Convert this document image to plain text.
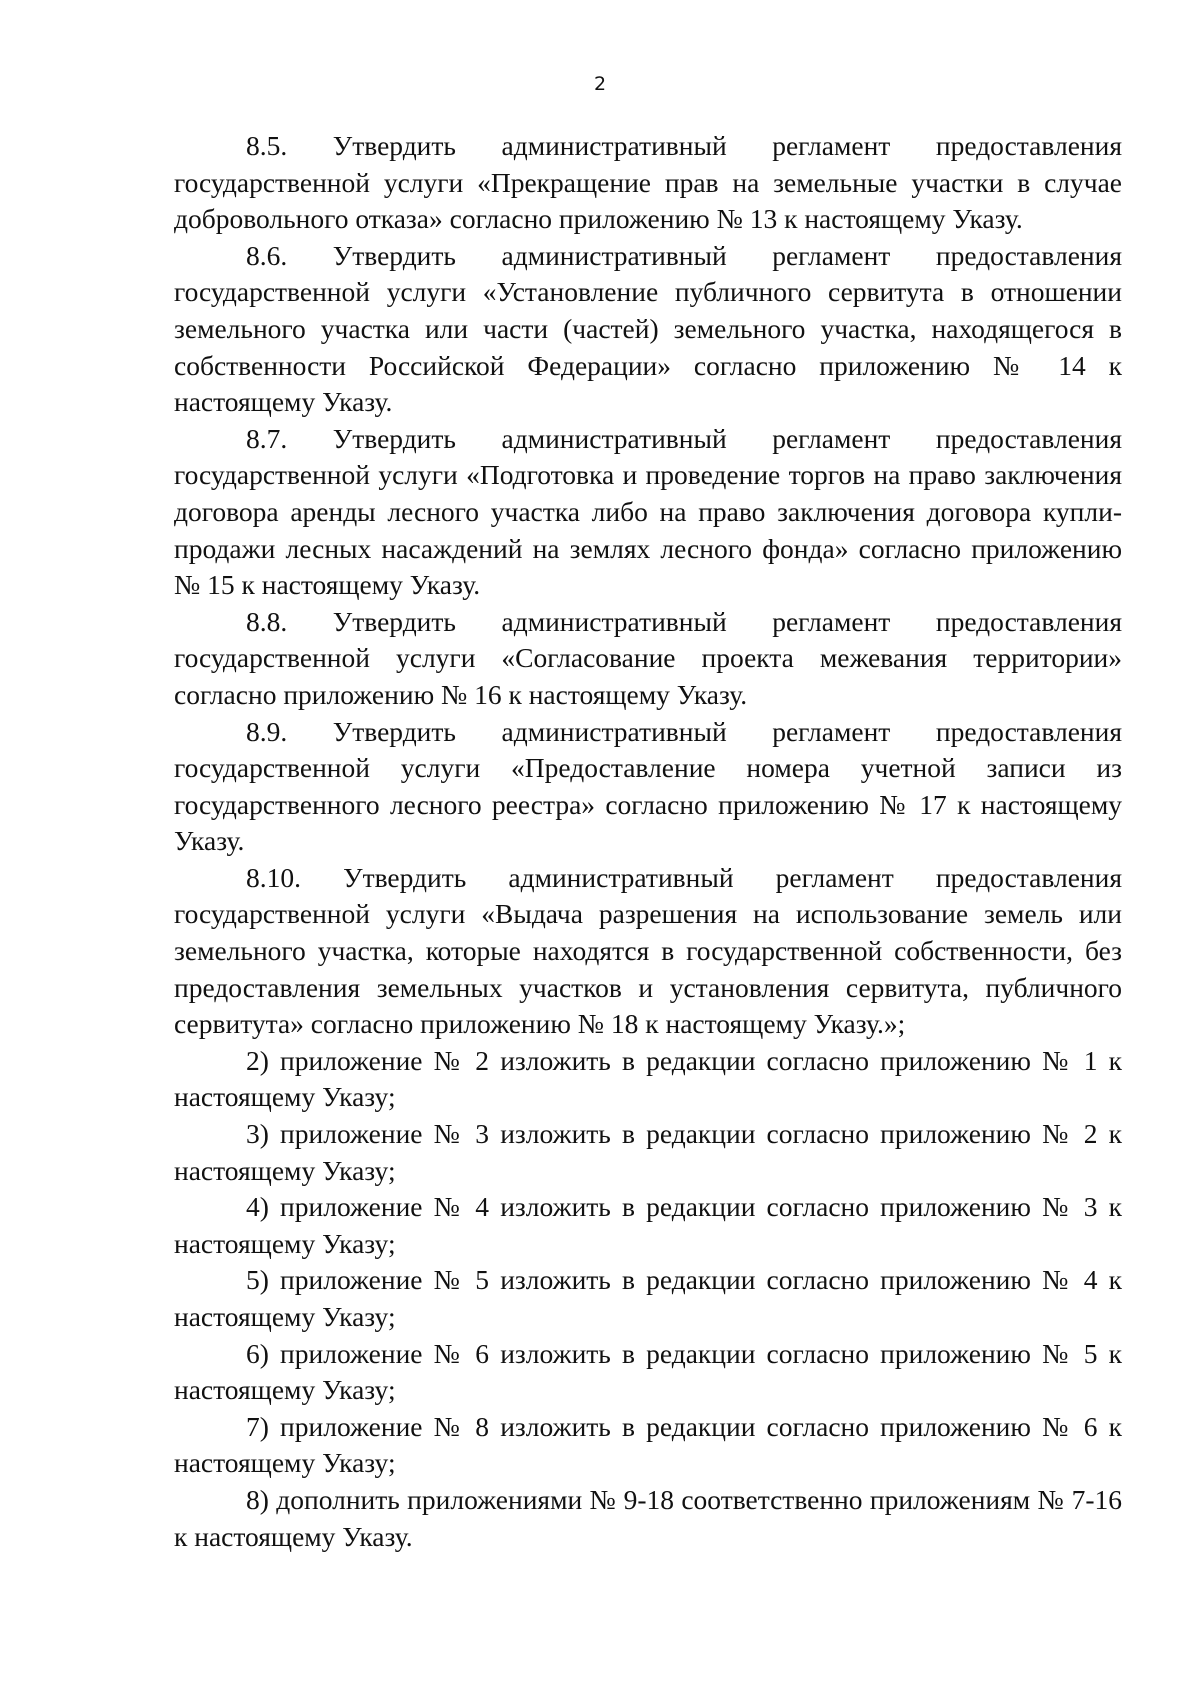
2

8.5. Утвердить административный регламент предоставления государственной услуги «Прекращение прав на земельные участки в случае добровольного отказа» согласно приложению № 13 к настоящему Указу.

8.6. Утвердить административный регламент предоставления государственной услуги «Установление публичного сервитута в отношении земельного участка или части (частей) земельного участка, находящегося в собственности Российской Федерации» согласно приложению № 14 к настоящему Указу.

8.7. Утвердить административный регламент предоставления государственной услуги «Подготовка и проведение торгов на право заключения договора аренды лесного участка либо на право заключения договора купли-продажи лесных насаждений на землях лесного фонда» согласно приложению № 15 к настоящему Указу.

8.8. Утвердить административный регламент предоставления государственной услуги «Согласование проекта межевания территории» согласно приложению № 16 к настоящему Указу.

8.9. Утвердить административный регламент предоставления государственной услуги «Предоставление номера учетной записи из государственного лесного реестра» согласно приложению № 17 к настоящему Указу.

8.10. Утвердить административный регламент предоставления государственной услуги «Выдача разрешения на использование земель или земельного участка, которые находятся в государственной собственности, без предоставления земельных участков и установления сервитута, публичного сервитута» согласно приложению № 18 к настоящему Указу.»;

2) приложение № 2 изложить в редакции согласно приложению № 1 к настоящему Указу;

3) приложение № 3 изложить в редакции согласно приложению № 2 к настоящему Указу;

4) приложение № 4 изложить в редакции согласно приложению № 3 к настоящему Указу;

5) приложение № 5 изложить в редакции согласно приложению № 4 к настоящему Указу;

6) приложение № 6 изложить в редакции согласно приложению № 5 к настоящему Указу;

7) приложение № 8 изложить в редакции согласно приложению № 6 к настоящему Указу;

8) дополнить приложениями № 9-18 соответственно приложениям № 7-16 к настоящему Указу.
